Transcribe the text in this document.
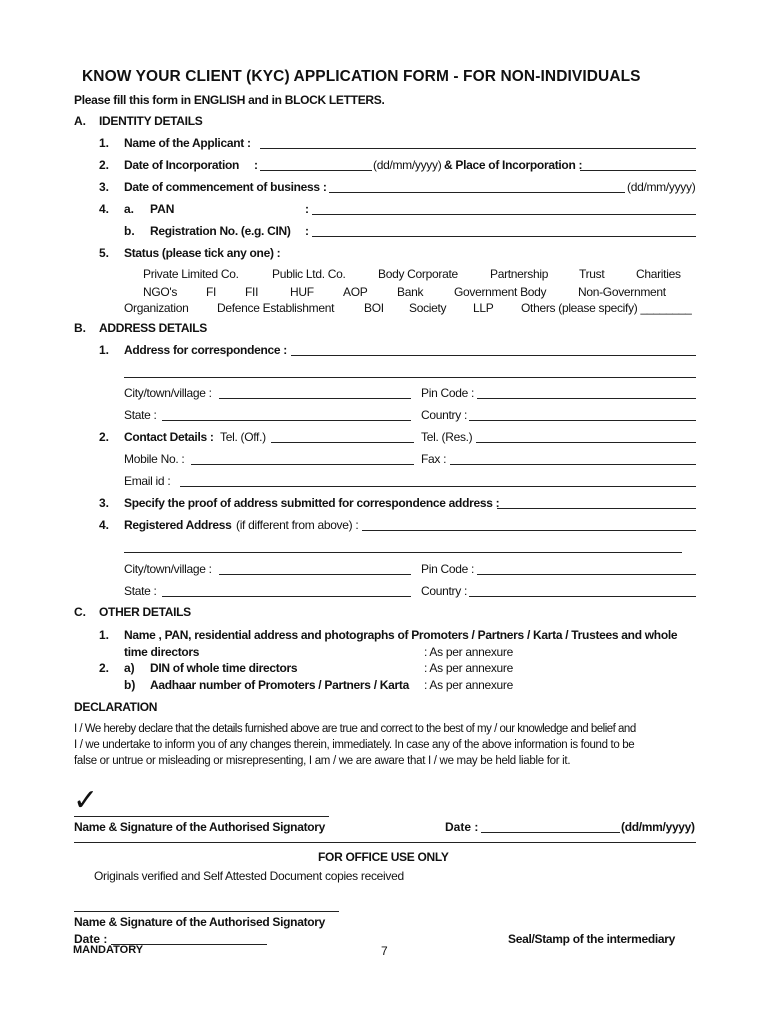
KNOW YOUR CLIENT (KYC) APPLICATION FORM - FOR NON-INDIVIDUALS
Please fill this form in ENGLISH and in BLOCK LETTERS.
A. IDENTITY DETAILS
1. Name of the Applicant :
2. Date of Incorporation :	(dd/mm/yyyy) & Place of Incorporation :
3. Date of commencement of business :	(dd/mm/yyyy)
4. a. PAN	:
b. Registration No. (e.g. CIN) :
5. Status (please tick any one) :
Private Limited Co.	Public Ltd. Co.	Body Corporate	Partnership	Trust	Charities
NGO's FI FII	HUF AOP Bank	Government Body	Non-Government
Organization Defence Establishment BOI Society LLP Others (please specify) ________
B. ADDRESS DETAILS
1. Address for correspondence :
City/town/village :	Pin Code :
State :	Country :
2. Contact Details : Tel. (Off.)	Tel. (Res.)
Mobile No. :	Fax :
Email id :
3. Specify the proof of address submitted for correspondence address :
4. Registered Address (if different from above) :
City/town/village :	Pin Code :
State :	Country :
C. OTHER DETAILS
1. Name , PAN, residential address and photographs of Promoters / Partners / Karta / Trustees and whole
time directors	: As per annexure
2. a) DIN of whole time directors	: As per annexure
b) Aadhaar number of Promoters / Partners / Karta : As per annexure
DECLARATION
I / We hereby declare that the details furnished above are true and correct to the best of my / our knowledge and belief and
I / we undertake to inform you of any changes therein, immediately. In case any of the above information is found to be
false or untrue or misleading or misrepresenting, I am / we are aware that I / we may be held liable for it.
✓
Name & Signature of the Authorised Signatory	Date :	(dd/mm/yyyy)
FOR OFFICE USE ONLY
Originals verified and Self Attested Document copies received
Name & Signature of the Authorised Signatory
Date :	Seal/Stamp of the intermediary
MANDATORY	7
